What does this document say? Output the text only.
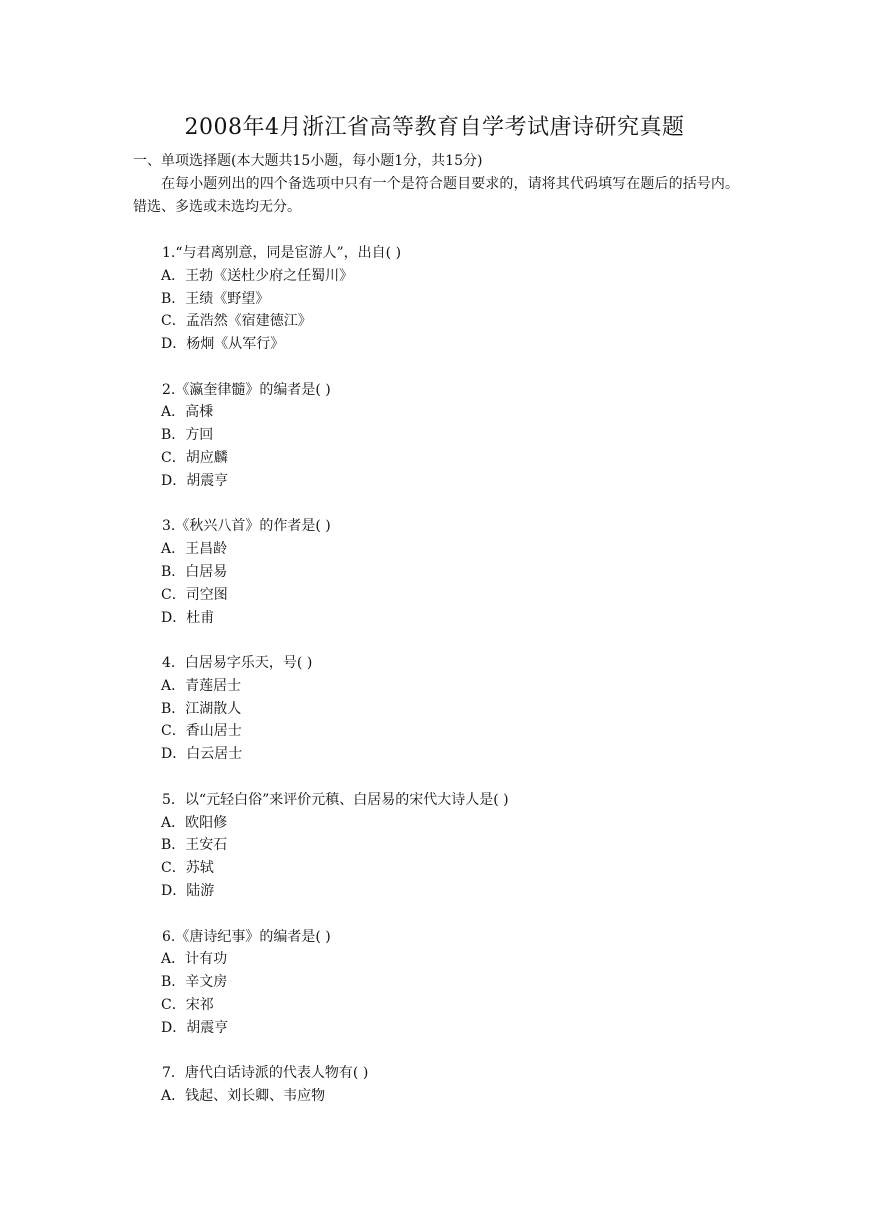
2008年4月浙江省高等教育自学考试唐诗研究真题
一、单项选择题(本大题共15小题，每小题1分，共15分)
在每小题列出的四个备选项中只有一个是符合题目要求的，请将其代码填写在题后的括号内。错选、多选或未选均无分。
1.“与君离别意，同是宦游人”，出自( )
A．王勃《送杜少府之任蜀川》
B．王绩《野望》
C．孟浩然《宿建德江》
D．杨炯《从军行》
2.《瀛奎律髓》的编者是( )
A．高棅
B．方回
C．胡应麟
D．胡震亨
3.《秋兴八首》的作者是( )
A．王昌龄
B．白居易
C．司空图
D．杜甫
4．白居易字乐天，号( )
A．青莲居士
B．江湖散人
C．香山居士
D．白云居士
5．以“元轻白俗”来评价元稹、白居易的宋代大诗人是( )
A．欧阳修
B．王安石
C．苏轼
D．陆游
6.《唐诗纪事》的编者是( )
A．计有功
B．辛文房
C．宋祁
D．胡震亨
7．唐代白话诗派的代表人物有( )
A．钱起、刘长卿、韦应物
